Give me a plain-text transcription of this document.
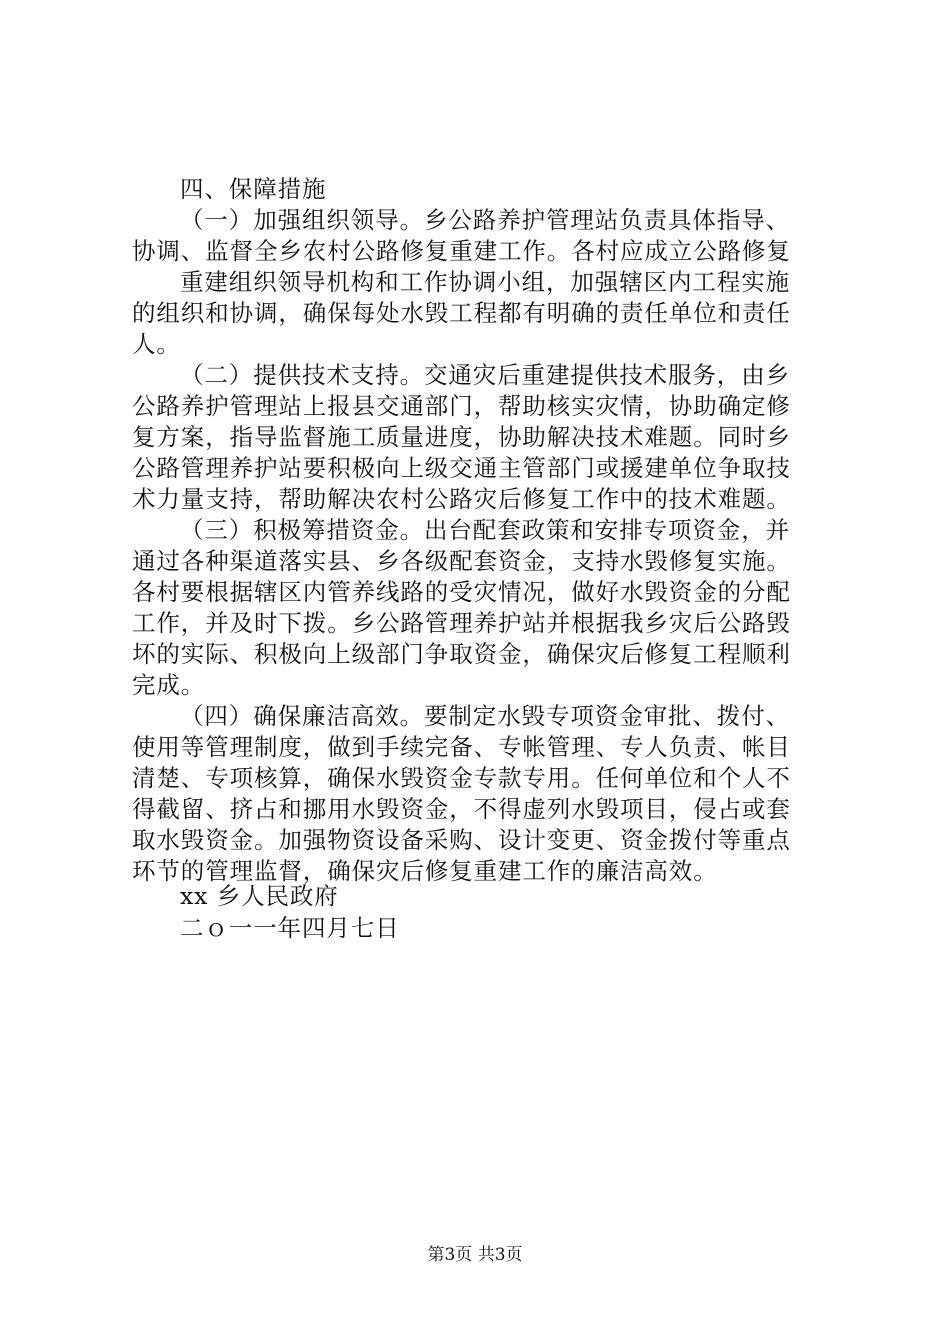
四、保障措施
（一）加强组织领导。乡公路养护管理站负责具体指导、
协调、监督全乡农村公路修复重建工作。各村应成立公路修复
重建组织领导机构和工作协调小组，加强辖区内工程实施
的组织和协调，确保每处水毁工程都有明确的责任单位和责任
人。
（二）提供技术支持。交通灾后重建提供技术服务，由乡
公路养护管理站上报县交通部门，帮助核实灾情，协助确定修
复方案，指导监督施工质量进度，协助解决技术难题。同时乡
公路管理养护站要积极向上级交通主管部门或援建单位争取技
术力量支持，帮助解决农村公路灾后修复工作中的技术难题。
（三）积极筹措资金。出台配套政策和安排专项资金，并
通过各种渠道落实县、乡各级配套资金，支持水毁修复实施。
各村要根据辖区内管养线路的受灾情况，做好水毁资金的分配
工作，并及时下拨。乡公路管理养护站并根据我乡灾后公路毁
坏的实际、积极向上级部门争取资金，确保灾后修复工程顺利
完成。
（四）确保廉洁高效。要制定水毁专项资金审批、拨付、
使用等管理制度，做到手续完备、专帐管理、专人负责、帐目
清楚、专项核算，确保水毁资金专款专用。任何单位和个人不
得截留、挤占和挪用水毁资金，不得虚列水毁项目，侵占或套
取水毁资金。加强物资设备采购、设计变更、资金拨付等重点
环节的管理监督，确保灾后修复重建工作的廉洁高效。
xx 乡人民政府
二ｏ一一年四月七日
第3页 共3页
